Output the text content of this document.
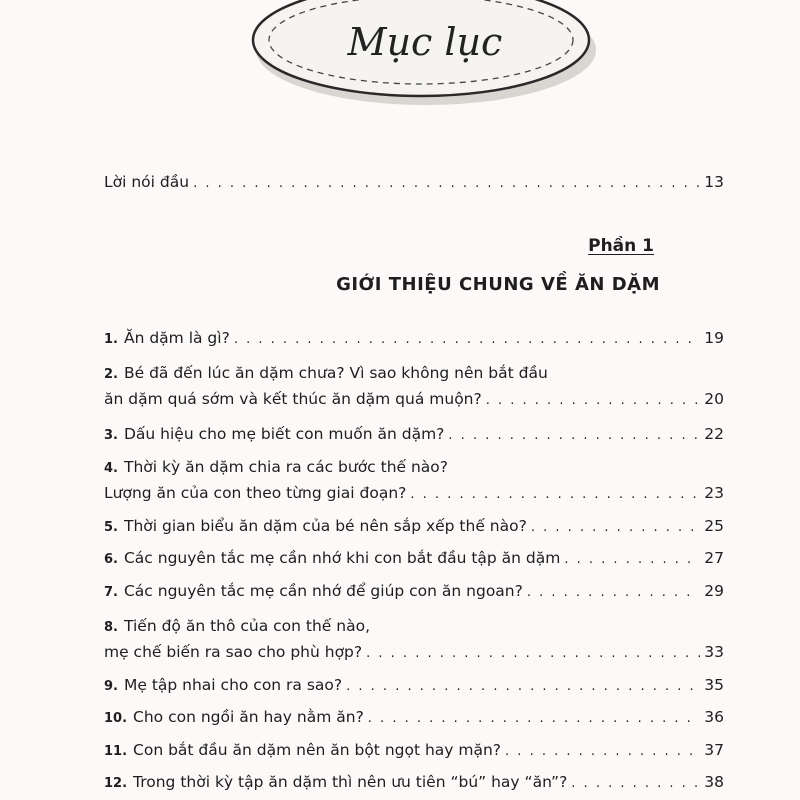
Mục lục
Lời nói đầu . . .	13
Phần 1
GIỚI THIỆU CHUNG VỀ ĂN DẶM
1. Ăn dặm là gì? . . .	19
2. Bé đã đến lúc ăn dặm chưa? Vì sao không nên bắt đầu
ăn dặm quá sớm và kết thúc ăn dặm quá muộn? . . .	20
3. Dấu hiệu cho mẹ biết con muốn ăn dặm? . . .	22
4. Thời kỳ ăn dặm chia ra các bước thế nào?
Lượng ăn của con theo từng giai đoạn? . . .	23
5. Thời gian biểu ăn dặm của bé nên sắp xếp thế nào? . . .	25
6. Các nguyên tắc mẹ cần nhớ khi con bắt đầu tập ăn dặm . . .	27
7. Các nguyên tắc mẹ cần nhớ để giúp con ăn ngoan? . . .	29
8. Tiến độ ăn thô của con thế nào,
mẹ chế biến ra sao cho phù hợp? . . .	33
9. Mẹ tập nhai cho con ra sao? . . .	35
10. Cho con ngồi ăn hay nằm ăn? . . .	36
11. Con bắt đầu ăn dặm nên ăn bột ngọt hay mặn? . . .	37
12. Trong thời kỳ tập ăn dặm thì nên ưu tiên “bú” hay “ăn”? . . .	38
